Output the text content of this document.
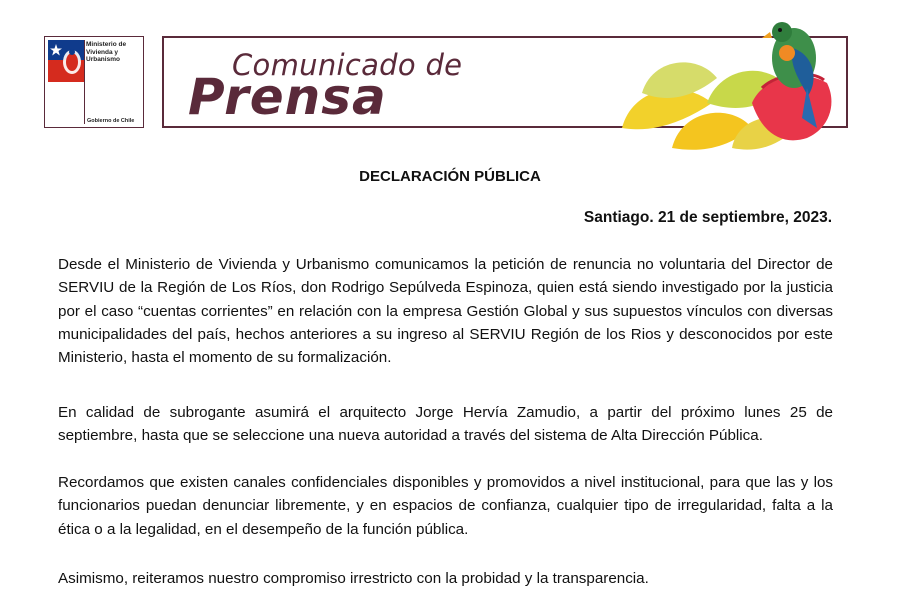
Ministerio de
Vivienda y
Urbanismo
Gobierno de Chile
Comunicado de
Prensa
DECLARACIÓN PÚBLICA
Santiago. 21 de septiembre, 2023.

Desde el Ministerio de Vivienda y Urbanismo comunicamos la petición de renuncia no voluntaria del Director de SERVIU de la Región de Los Ríos, don Rodrigo Sepúlveda Espinoza, quien está siendo investigado por la justicia por el caso “cuentas corrientes” en relación con la empresa Gestión Global y sus supuestos vínculos con diversas municipalidades del país, hechos anteriores a su ingreso al SERVIU Región de los Rios y desconocidos por este Ministerio, hasta el momento de su formalización.

En calidad de subrogante asumirá el arquitecto Jorge Hervía Zamudio, a partir del próximo lunes 25 de septiembre, hasta que se seleccione una nueva autoridad a través del sistema de Alta Dirección Pública.

Recordamos que existen canales confidenciales disponibles y promovidos a nivel institucional, para que las y los funcionarios puedan denunciar libremente, y en espacios de confianza, cualquier tipo de irregularidad, falta a la ética o a la legalidad, en el desempeño de la función pública.

Asimismo, reiteramos nuestro compromiso irrestricto con la probidad y la transparencia.
